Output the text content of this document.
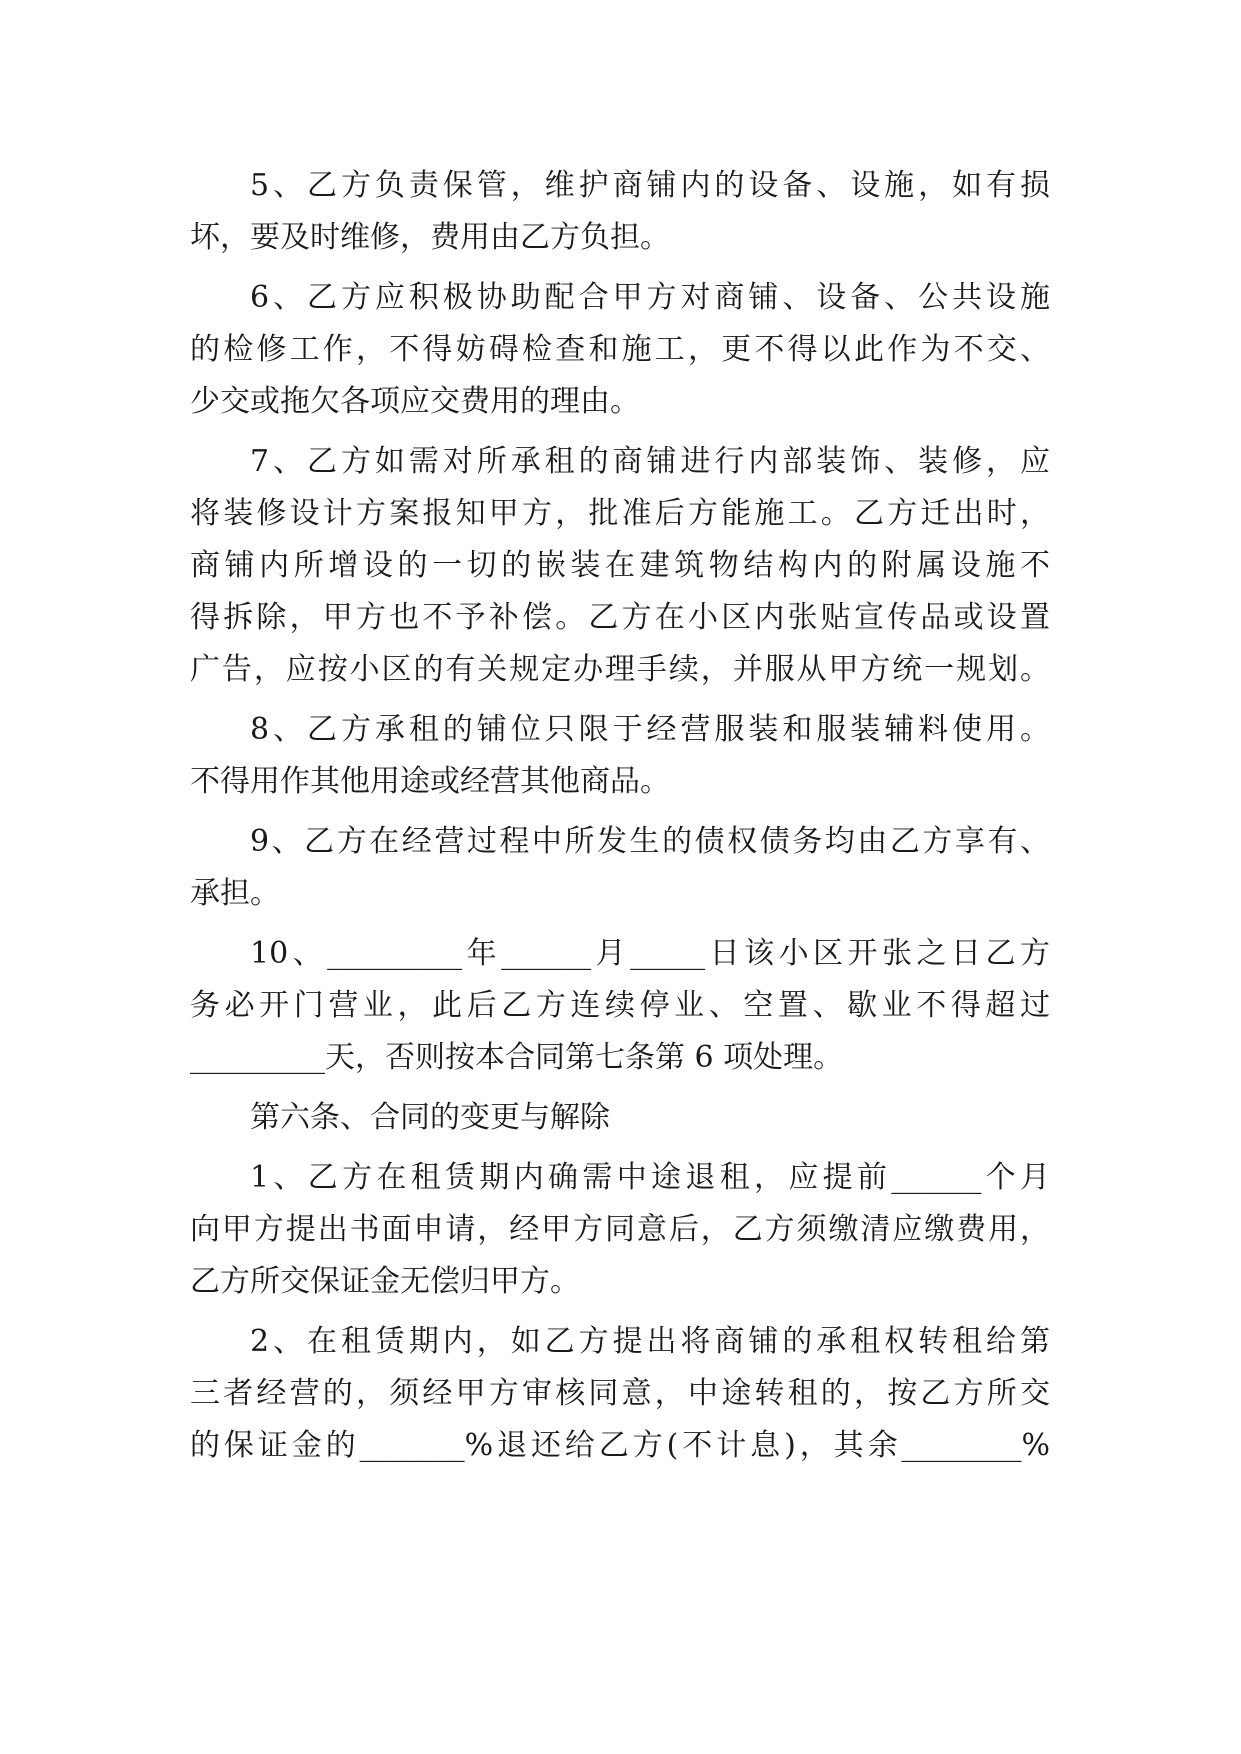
5、乙方负责保管，维护商铺内的设备、设施，如有损
坏，要及时维修，费用由乙方负担。
6、乙方应积极协助配合甲方对商铺、设备、公共设施
的检修工作，不得妨碍检查和施工，更不得以此作为不交、
少交或拖欠各项应交费用的理由。
7、乙方如需对所承租的商铺进行内部装饰、装修，应
将装修设计方案报知甲方，批准后方能施工。乙方迁出时，
商铺内所增设的一切的嵌装在建筑物结构内的附属设施不
得拆除，甲方也不予补偿。乙方在小区内张贴宣传品或设置
广告，应按小区的有关规定办理手续，并服从甲方统一规划。
8、乙方承租的铺位只限于经营服装和服装辅料使用。
不得用作其他用途或经营其他商品。
9、乙方在经营过程中所发生的债权债务均由乙方享有、
承担。
10、_________年______月_____日该小区开张之日乙方
务必开门营业，此后乙方连续停业、空置、歇业不得超过
_________天，否则按本合同第七条第 6 项处理。
第六条、合同的变更与解除
1、乙方在租赁期内确需中途退租，应提前______个月
向甲方提出书面申请，经甲方同意后，乙方须缴清应缴费用，
乙方所交保证金无偿归甲方。
2、在租赁期内，如乙方提出将商铺的承租权转租给第
三者经营的，须经甲方审核同意，中途转租的，按乙方所交
的保证金的_______%退还给乙方(不计息)，其余________%
